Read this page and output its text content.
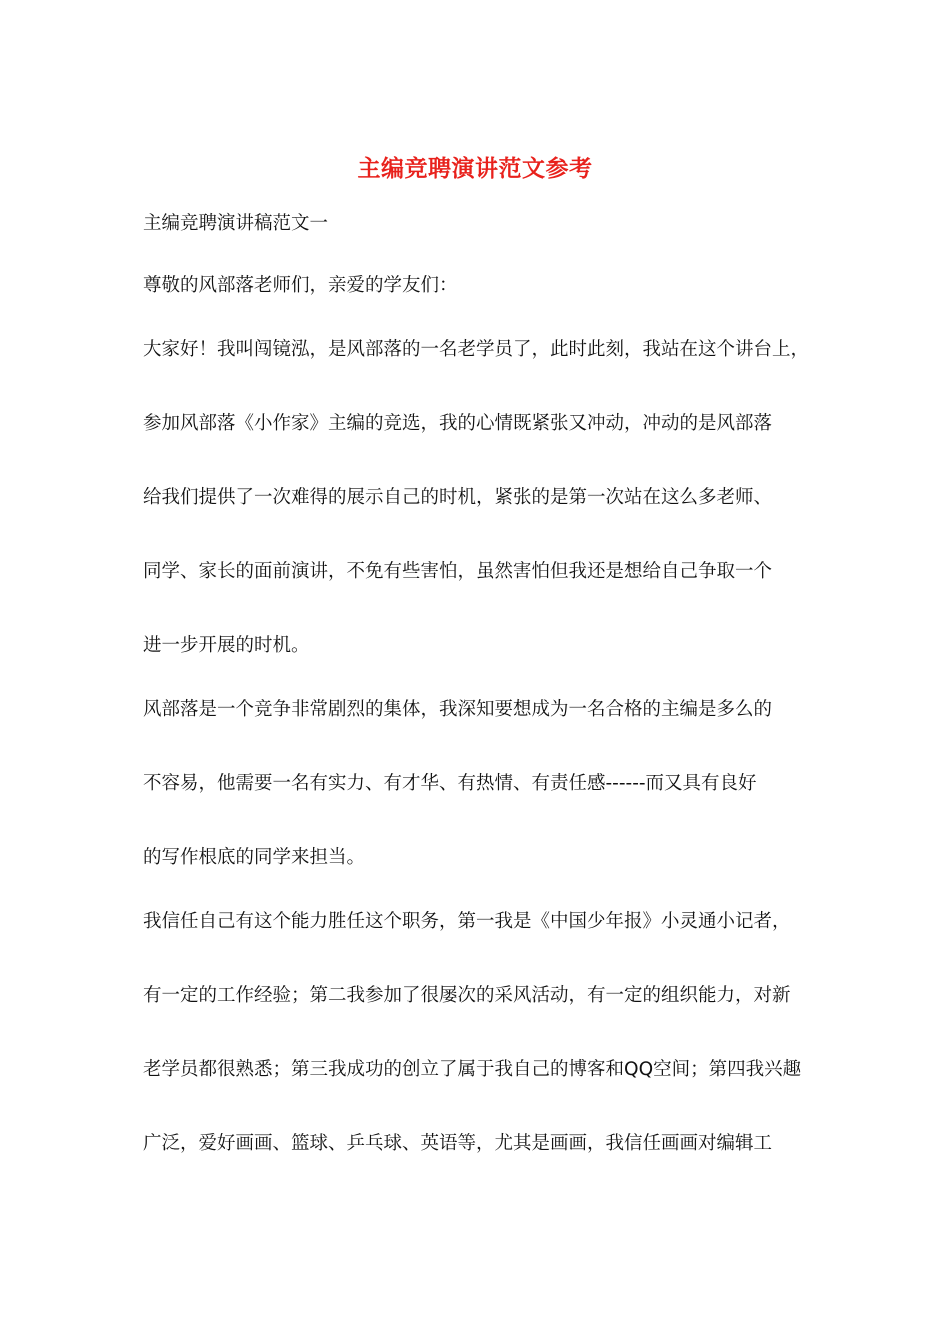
主编竞聘演讲范文参考
主编竞聘演讲稿范文一
尊敬的风部落老师们，亲爱的学友们：
大家好！我叫闯镜泓，是风部落的一名老学员了，此时此刻，我站在这个讲台上，
参加风部落《小作家》主编的竞选，我的心情既紧张又冲动，冲动的是风部落
给我们提供了一次难得的展示自己的时机，紧张的是第一次站在这么多老师、
同学、家长的面前演讲，不免有些害怕，虽然害怕但我还是想给自己争取一个
进一步开展的时机。
风部落是一个竞争非常剧烈的集体，我深知要想成为一名合格的主编是多么的
不容易，他需要一名有实力、有才华、有热情、有责任感------而又具有良好
的写作根底的同学来担当。
我信任自己有这个能力胜任这个职务，第一我是《中国少年报》小灵通小记者，
有一定的工作经验；第二我参加了很屡次的采风活动，有一定的组织能力，对新
老学员都很熟悉；第三我成功的创立了属于我自己的博客和QQ空间；第四我兴趣
广泛，爱好画画、篮球、乒乓球、英语等，尤其是画画，我信任画画对编辑工
